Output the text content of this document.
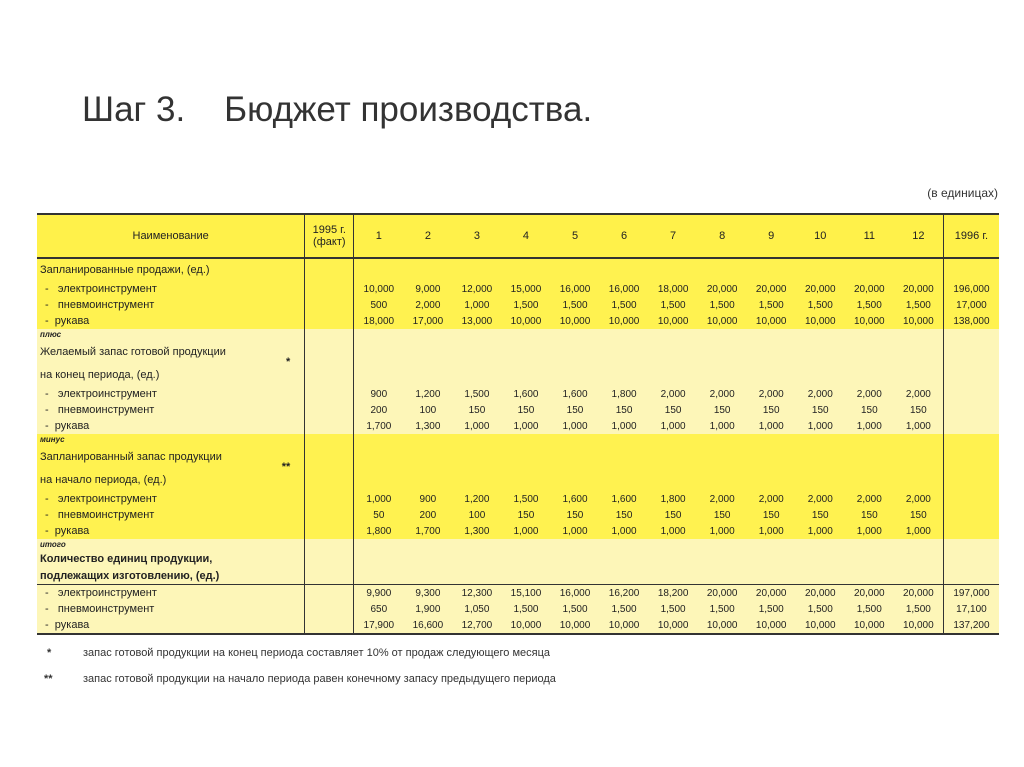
Шаг 3.    Бюджет производства.
(в единицах)
Наименование	1995 г.
(факт)	1	2	3	4	5	6	7	8	9	10	11	12	1996 г.
Запланированные продажи, (ед.)														
-   электроинструмент		10,000	9,000	12,000	15,000	16,000	16,000	18,000	20,000	20,000	20,000	20,000	20,000	196,000
-   пневмоинструмент		500	2,000	1,000	1,500	1,500	1,500	1,500	1,500	1,500	1,500	1,500	1,500	17,000
-  рукава		18,000	17,000	13,000	10,000	10,000	10,000	10,000	10,000	10,000	10,000	10,000	10,000	138,000
плюс														
Желаемый запас готовой продукции														
на конец периода, (ед.)
*														

-   электроинструмент		900	1,200	1,500	1,600	1,600	1,800	2,000	2,000	2,000	2,000	2,000	2,000	
-   пневмоинструмент		200	100	150	150	150	150	150	150	150	150	150	150	
-  рукава		1,700	1,300	1,000	1,000	1,000	1,000	1,000	1,000	1,000	1,000	1,000	1,000	
минус														
Запланированный запас продукции														
на начало периода, (ед.)
**														

-   электроинструмент		1,000	900	1,200	1,500	1,600	1,600	1,800	2,000	2,000	2,000	2,000	2,000	
-   пневмоинструмент		50	200	100	150	150	150	150	150	150	150	150	150	
-  рукава		1,800	1,700	1,300	1,000	1,000	1,000	1,000	1,000	1,000	1,000	1,000	1,000	
итого														
Количество единиц продукции,														
подлежащих изготовлению, (ед.)														
-   электроинструмент		9,900	9,300	12,300	15,100	16,000	16,200	18,200	20,000	20,000	20,000	20,000	20,000	197,000
-   пневмоинструмент		650	1,900	1,050	1,500	1,500	1,500	1,500	1,500	1,500	1,500	1,500	1,500	17,100
-  рукава		17,900	16,600	12,700	10,000	10,000	10,000	10,000	10,000	10,000	10,000	10,000	10,000	137,200
*	запас готовой продукции на конец периода составляет 10% от продаж следующего месяца
**	запас готовой продукции на начало периода равен конечному запасу предыдущего периода
